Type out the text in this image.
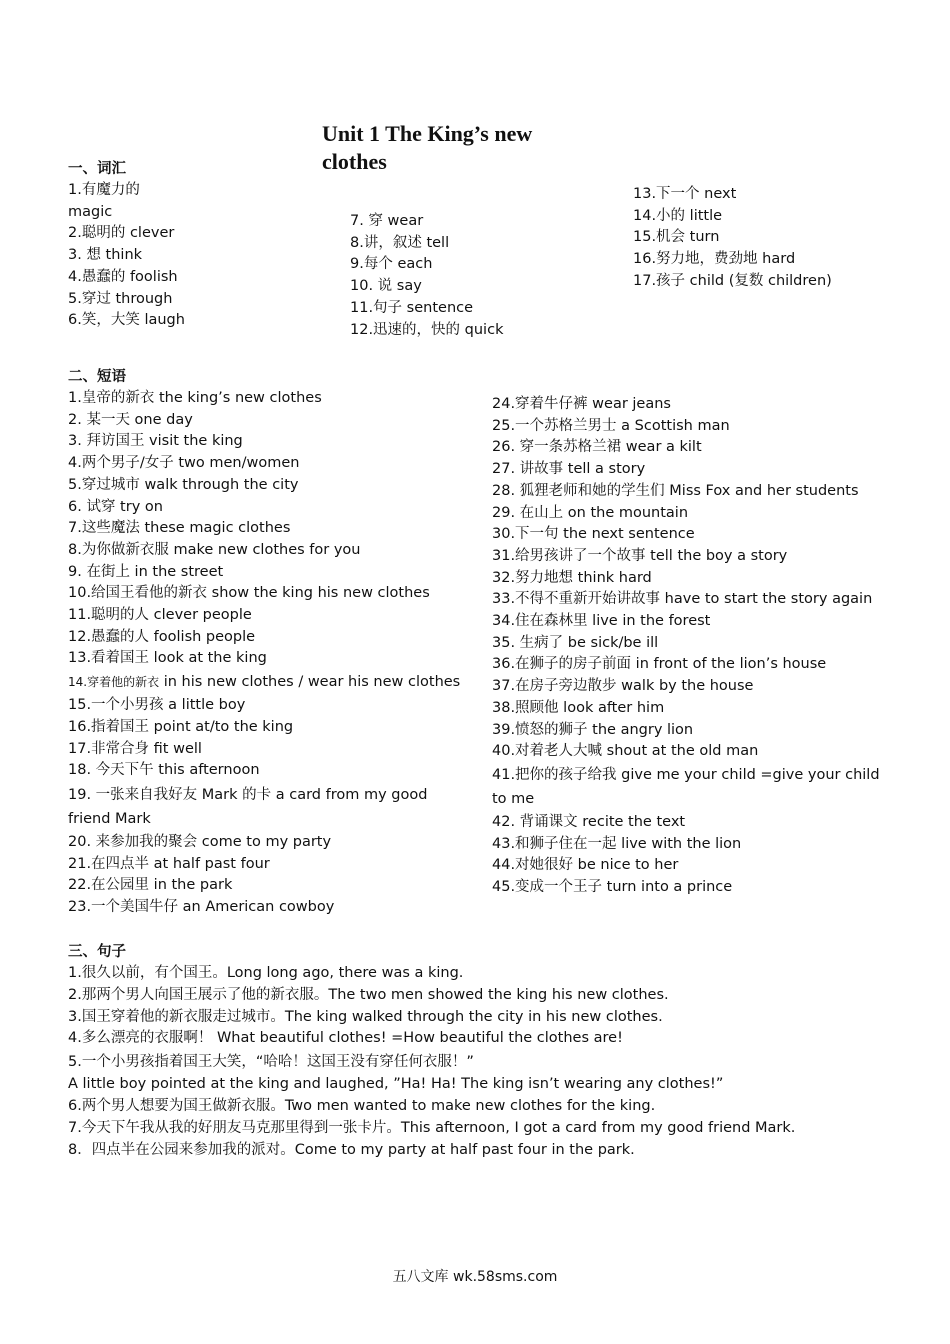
Unit 1 The King’s new clothes
一、词汇
1.有魔力的
magic
2.聪明的 clever
3. 想 think
4.愚蠢的 foolish
5.穿过 through
6.笑，大笑 laugh
7. 穿 wear
8.讲，叙述 tell
9.每个 each
10. 说 say
11.句子 sentence
12.迅速的，快的 quick
13.下一个 next
14.小的 little
15.机会 turn
16.努力地，费劲地 hard
17.孩子 child (复数 children)
二、短语
1.皇帝的新衣 the king’s new clothes
2. 某一天 one day
3. 拜访国王 visit the king
4.两个男子/女子 two men/women
5.穿过城市 walk through the city
6. 试穿 try on
7.这些魔法 these magic clothes
8.为你做新衣服 make new clothes for you
9. 在街上 in the street
10.给国王看他的新衣 show the king his new clothes
11.聪明的人 clever people
12.愚蠢的人 foolish people
13.看着国王 look at the king
14.穿着他的新衣 in his new clothes / wear his new clothes
15.一个小男孩 a little boy
16.指着国王 point at/to the king
17.非常合身 fit well
18. 今天下午 this afternoon
19. 一张来自我好友 Mark 的卡 a card from my good friend Mark
20. 来参加我的聚会 come to my party
21.在四点半 at half past four
22.在公园里 in the park
23.一个美国牛仔 an American cowboy
24.穿着牛仔裤 wear jeans
25.一个苏格兰男士 a Scottish man
26. 穿一条苏格兰裙 wear a kilt
27. 讲故事 tell a story
28. 狐狸老师和她的学生们 Miss Fox and her students
29. 在山上 on the mountain
30.下一句 the next sentence
31.给男孩讲了一个故事 tell the boy a story
32.努力地想 think hard
33.不得不重新开始讲故事 have to start the story again
34.住在森林里 live in the forest
35. 生病了 be sick/be ill
36.在狮子的房子前面 in front of the lion’s house
37.在房子旁边散步 walk by the house
38.照顾他 look after him
39.愤怒的狮子 the angry lion
40.对着老人大喊 shout at the old man
41.把你的孩子给我 give me your child =give your child to me
42. 背诵课文 recite the text
43.和狮子住在一起 live with the lion
44.对她很好 be nice to her
45.变成一个王子 turn into a prince
三、句子
1.很久以前，有个国王。Long long ago, there was a king.
2.那两个男人向国王展示了他的新衣服。The two men showed the king his new clothes.
3.国王穿着他的新衣服走过城市。The king walked through the city in his new clothes.
4.多么漂亮的衣服啊！ What beautiful clothes! =How beautiful the clothes are!
5.一个小男孩指着国王大笑，“哈哈！这国王没有穿任何衣服！”
A little boy pointed at the king and laughed, ”Ha! Ha! The king isn’t wearing any clothes!”
6.两个男人想要为国王做新衣服。Two men wanted to make new clothes for the king.
7.今天下午我从我的好朋友马克那里得到一张卡片。This afternoon, I got a card from my good friend Mark.
8．四点半在公园来参加我的派对。Come to my party at half past four in the park.
五八文库 wk.58sms.com
